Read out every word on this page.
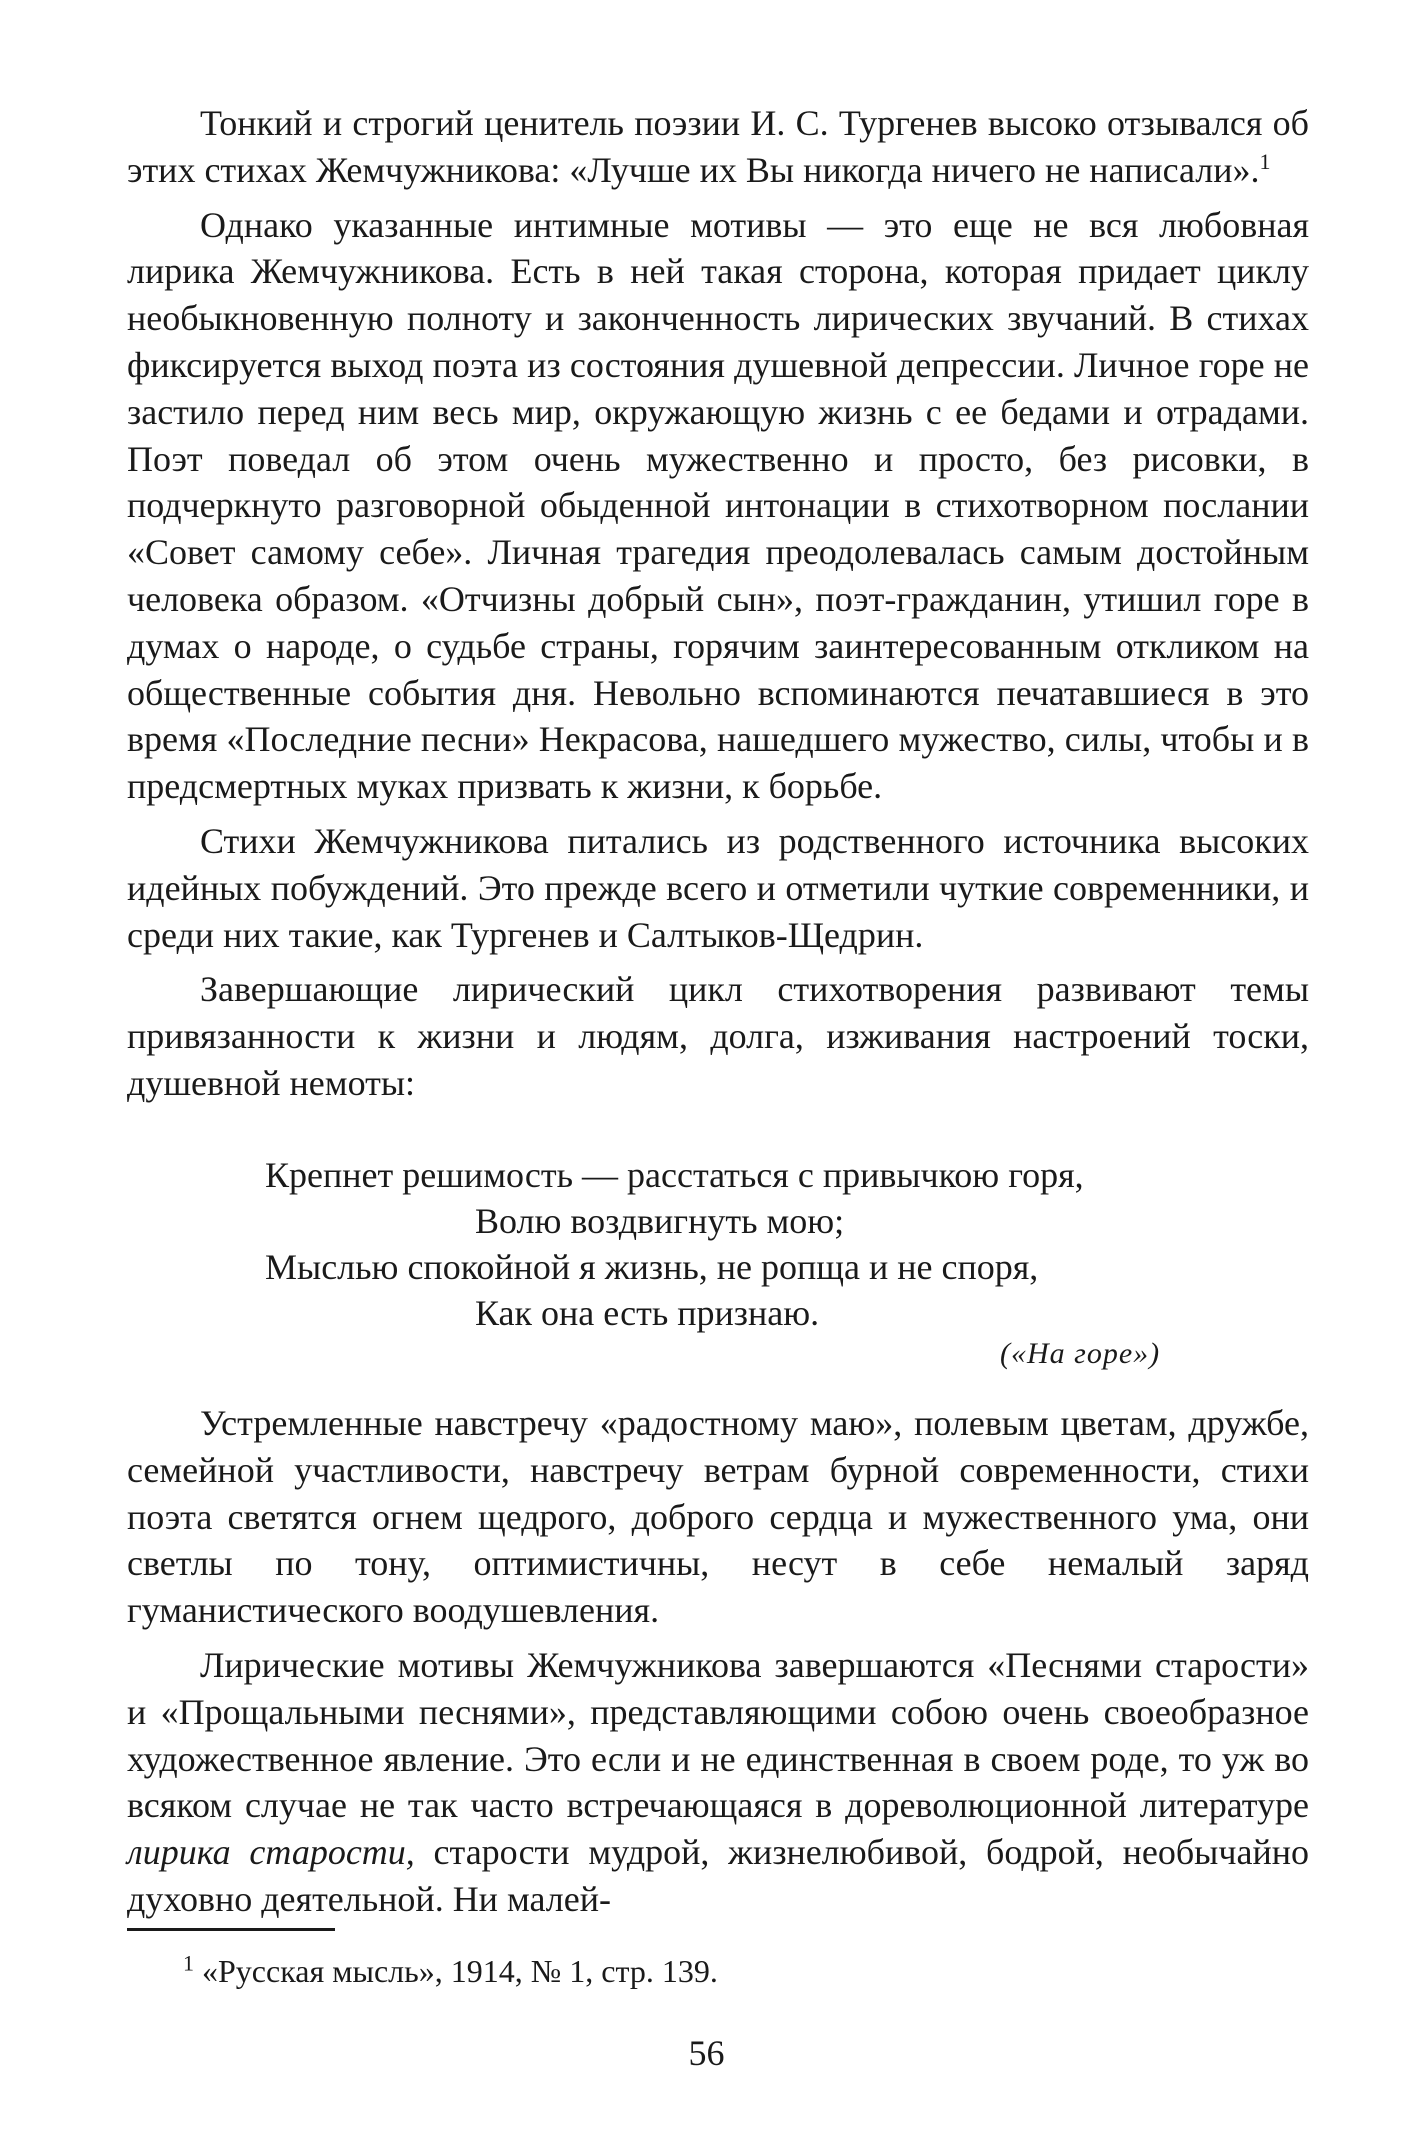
Тонкий и строгий ценитель поэзии И. С. Тургенев высоко отзывался об этих стихах Жемчужникова: «Лучше их Вы никогда ничего не написали».$^1$

Однако указанные интимные мотивы — это еще не вся любовная лирика Жемчужникова. Есть в ней такая сторона, которая придает циклу необыкновенную полноту и законченность лирических звучаний. В стихах фиксируется выход поэта из состояния душевной депрессии. Личное горе не застило перед ним весь мир, окружающую жизнь с ее бедами и отрадами. Поэт поведал об этом очень мужественно и просто, без рисовки, в подчеркнуто разговорной обыденной интонации в стихотворном послании «Совет самому себе». Личная трагедия преодолевалась самым достойным человека образом. «Отчизны добрый сын», поэт-гражданин, утишил горе в думах о народе, о судьбе страны, горячим заинтересованным откликом на общественные события дня. Невольно вспоминаются печатавшиеся в это время «Последние песни» Некрасова, нашедшего мужество, силы, чтобы и в предсмертных муках призвать к жизни, к борьбе.

Стихи Жемчужникова питались из родственного источника высоких идейных побуждений. Это прежде всего и отметили чуткие современники, и среди них такие, как Тургенев и Салтыков-Щедрин.

Завершающие лирический цикл стихотворения развивают темы привязанности к жизни и людям, долга, изживания настроений тоски, душевной немоты:

Крепнет решимость — расстаться с привычкою горя,

Волю воздвигнуть мою;

Мыслью спокойной я жизнь, не ропща и не споря,

Как она есть признаю.

(«На горе»)

Устремленные навстречу «радостному маю», полевым цветам, дружбе, семейной участливости, навстречу ветрам бурной современности, стихи поэта светятся огнем щедрого, доброго сердца и мужественного ума, они светлы по тону, оптимистичны, несут в себе немалый заряд гуманистического воодушевления.

Лирические мотивы Жемчужникова завершаются «Песнями старости» и «Прощальными песнями», представляющими собою очень своеобразное художественное явление. Это если и не единственная в своем роде, то уж во всяком случае не так часто встречающаяся в дореволюционной литературе лирика старости, старости мудрой, жизнелюбивой, бодрой, необычайно духовно деятельной. Ни малей-

$^1$ «Русская мысль», 1914, № 1, стр. 139.
56
